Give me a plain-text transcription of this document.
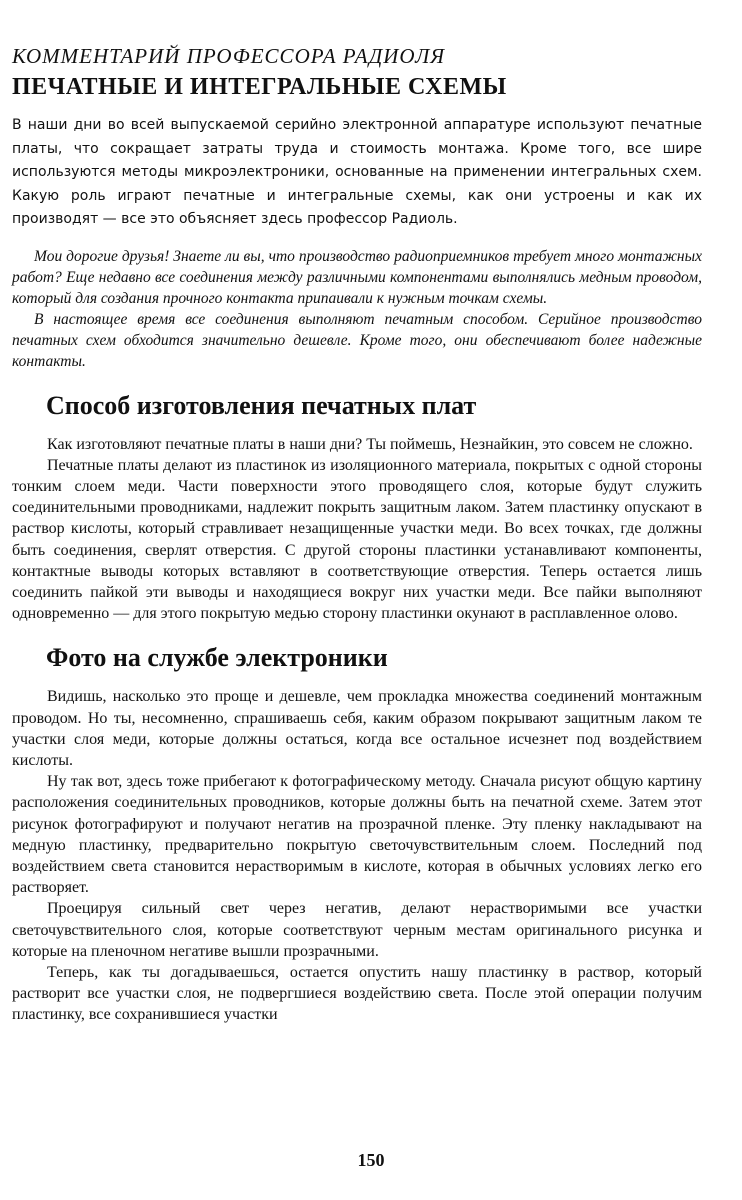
КОММЕНТАРИЙ ПРОФЕССОРА РАДИОЛЯ

ПЕЧАТНЫЕ И ИНТЕГРАЛЬНЫЕ СХЕМЫ

В наши дни во всей выпускаемой серийно электронной аппаратуре используют печатные платы, что сокращает затраты труда и стоимость монтажа. Кроме того, все шире используются методы микроэлектроники, основанные на применении интегральных схем. Какую роль играют печатные и интегральные схемы, как они устроены и как их производят — все это объясняет здесь профессор Радиоль.

Мои дорогие друзья! Знаете ли вы, что производство радиоприемников требует много монтажных работ? Еще недавно все соединения между различными компонентами выполнялись медным проводом, который для создания прочного контакта припаивали к нужным точкам схемы.

В настоящее время все соединения выполняют печатным способом. Серийное производство печатных схем обходится значительно дешевле. Кроме того, они обеспечивают более надежные контакты.

Способ изготовления печатных плат

Как изготовляют печатные платы в наши дни? Ты поймешь, Незнайкин, это совсем не сложно.

Печатные платы делают из пластинок из изоляционного материала, покрытых с одной стороны тонким слоем меди. Части поверхности этого проводящего слоя, которые будут служить соединительными проводниками, надлежит покрыть защитным лаком. Затем пластинку опускают в раствор кислоты, который стравливает незащищенные участки меди. Во всех точках, где должны быть соединения, сверлят отверстия. С другой стороны пластинки устанавливают компоненты, контактные выводы которых вставляют в соответствующие отверстия. Теперь остается лишь соединить пайкой эти выводы и находящиеся вокруг них участки меди. Все пайки выполняют одновременно — для этого покрытую медью сторону пластинки окунают в расплавленное олово.

Фото на службе электроники

Видишь, насколько это проще и дешевле, чем прокладка множества соединений монтажным проводом. Но ты, несомненно, спрашиваешь себя, каким образом покрывают защитным лаком те участки слоя меди, которые должны остаться, когда все остальное исчезнет под воздействием кислоты.

Ну так вот, здесь тоже прибегают к фотографическому методу. Сначала рисуют общую картину расположения соединительных проводников, которые должны быть на печатной схеме. Затем этот рисунок фотографируют и получают негатив на прозрачной пленке. Эту пленку накладывают на медную пластинку, предварительно покрытую светочувствительным слоем. Последний под воздействием света становится нерастворимым в кислоте, которая в обычных условиях легко его растворяет.

Проецируя сильный свет через негатив, делают нерастворимыми все участки светочувствительного слоя, которые соответствуют черным местам оригинального рисунка и которые на пленочном негативе вышли прозрачными.

Теперь, как ты догадываешься, остается опустить нашу пластинку в раствор, который растворит все участки слоя, не подвергшиеся воздействию света. После этой операции получим пластинку, все сохранившиеся участки

150
